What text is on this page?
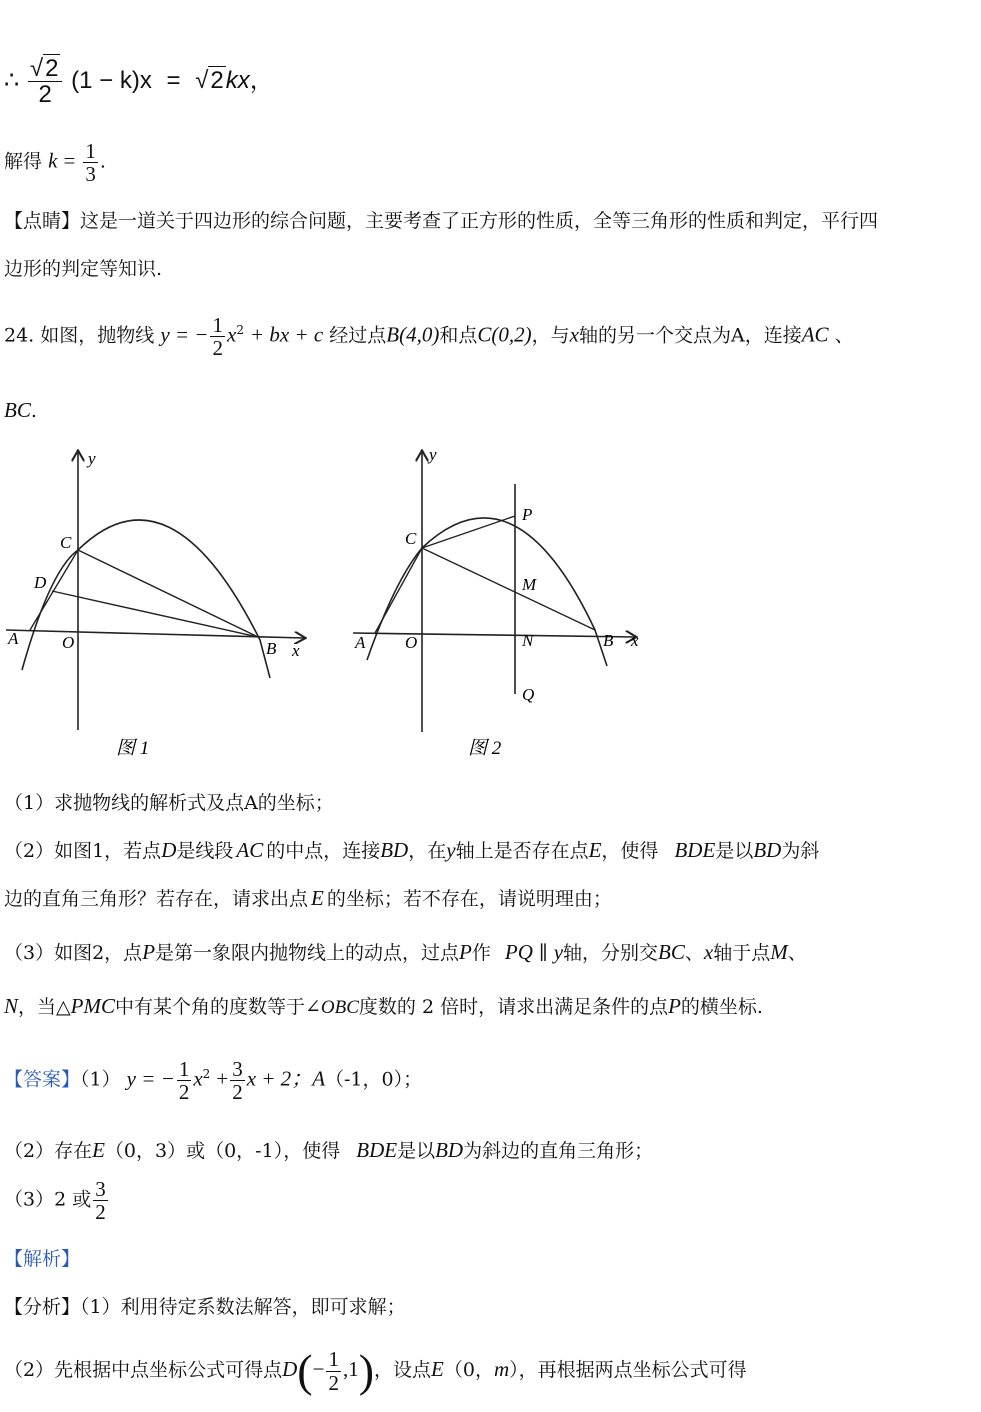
∴ $\frac{√2}{2} (1 - k)x = √2kx$，
解得 $k = \frac{1}{3}$ .
【点睛】这是一道关于四边形的综合问题，主要考查了正方形的性质，全等三角形的性质和判定，平行四
边形的判定等知识.
24. 如图，抛物线 y = − $\frac{1}{2} x^2$ + bx + c 经过点B(4,0)和点C(0,2)，与x轴的另一个交点为A，连接AC 、
BC.
y
C
D
A	O	B x
图 1
y
C
P
M
A O	N	B x
Q
图 2
（1）求抛物线的解析式及点A的坐标；
（2）如图1，若点D是线段 AC 的中点，连接BD，在y轴上是否存在点E，使得 BDE是以BD为斜
边的直角三角形？若存在，请求出点 E 的坐标；若不存在，请说明理由；
（3）如图2，点P是第一象限内抛物线上的动点，过点P作 PQ ∥ y轴，分别交BC、x轴于点M、
N，当△PMC中有某个角的度数等于∠OBC度数的 2 倍时，请求出满足条件的点P的横坐标.
【答案】（1） y = − $\frac{1}{2} x^2 + \frac{3}{2}$ x + 2；A（-1，0）；
（2）存在E（0，3）或（0，-1），使得 BDE是以BD为斜边的直角三角形；
（3）2 或 $\frac{3}{2}$
【解析】
【分析】（1）利用待定系数法解答，即可求解；
（2）先根据中点坐标公式可得点$D(- \frac{1}{2} ,1)$，设点E（0，m），再根据两点坐标公式可得
